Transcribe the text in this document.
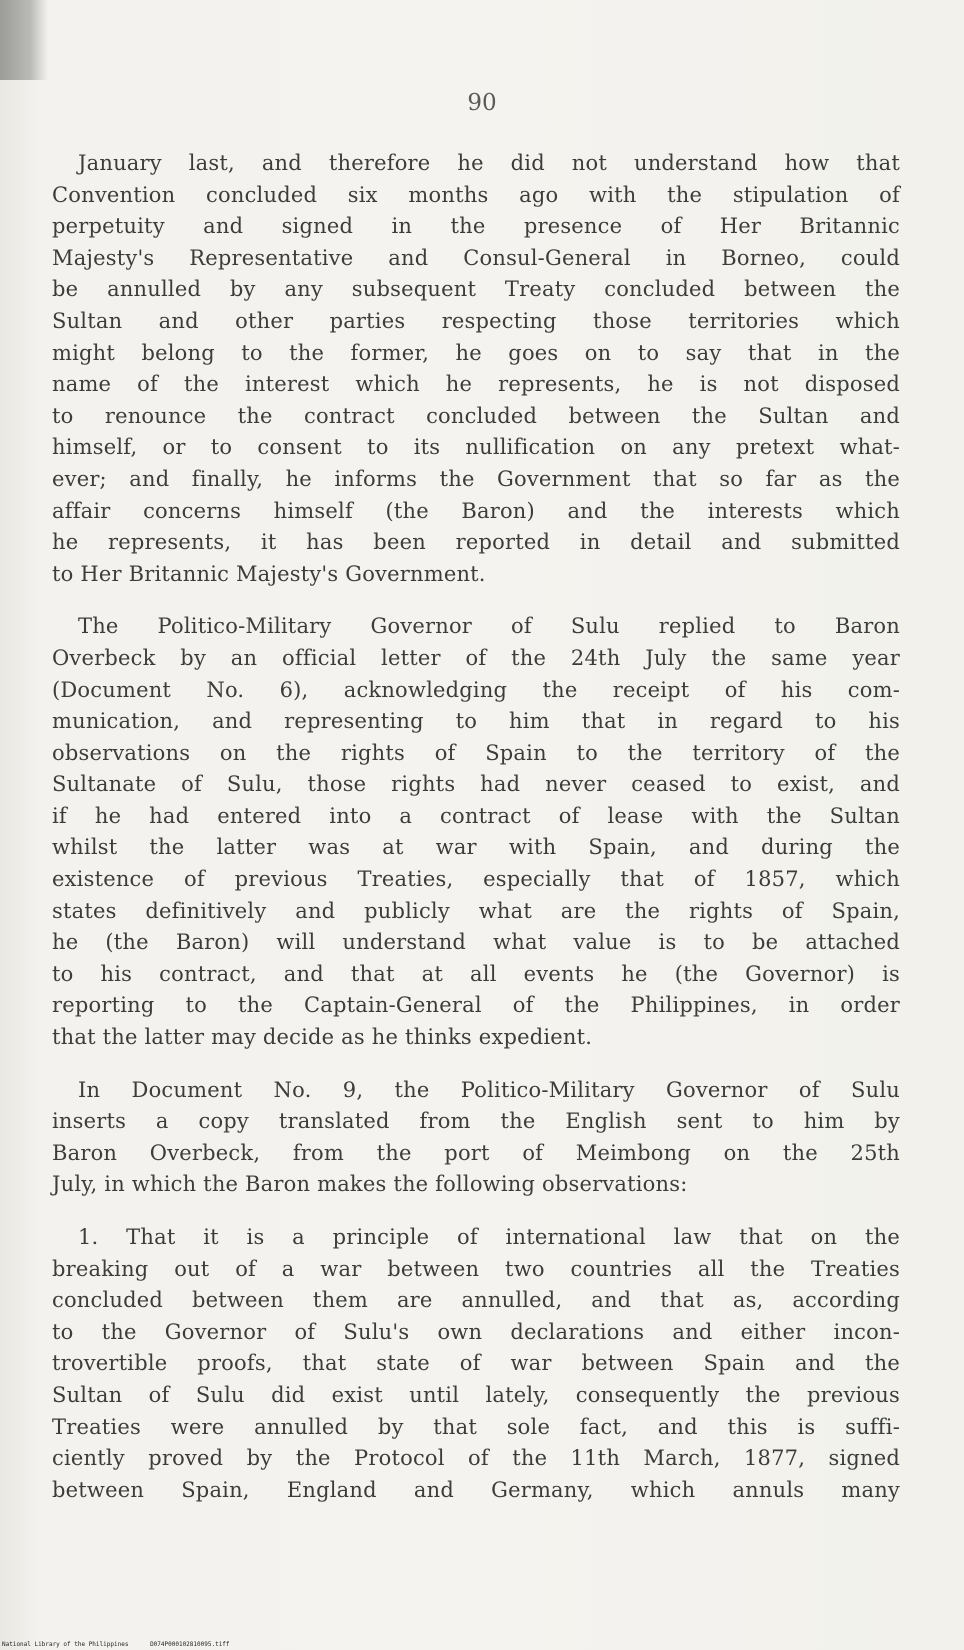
90
January last, and therefore he did not understand how that
Convention concluded six months ago with the stipulation of
perpetuity and signed in the presence of Her Britannic
Majesty's Representative and Consul-General in Borneo, could
be annulled by any subsequent Treaty concluded between the
Sultan and other parties respecting those territories which
might belong to the former, he goes on to say that in the
name of the interest which he represents, he is not disposed
to renounce the contract concluded between the Sultan and
himself, or to consent to its nullification on any pretext what-
ever; and finally, he informs the Government that so far as the
affair concerns himself (the Baron) and the interests which
he represents, it has been reported in detail and submitted
to Her Britannic Majesty's Government.
The Politico-Military Governor of Sulu replied to Baron
Overbeck by an official letter of the 24th July the same year
(Document No. 6), acknowledging the receipt of his com-
munication, and representing to him that in regard to his
observations on the rights of Spain to the territory of the
Sultanate of Sulu, those rights had never ceased to exist, and
if he had entered into a contract of lease with the Sultan
whilst the latter was at war with Spain, and during the
existence of previous Treaties, especially that of 1857, which
states definitively and publicly what are the rights of Spain,
he (the Baron) will understand what value is to be attached
to his contract, and that at all events he (the Governor) is
reporting to the Captain-General of the Philippines, in order
that the latter may decide as he thinks expedient.
In Document No. 9, the Politico-Military Governor of Sulu
inserts a copy translated from the English sent to him by
Baron Overbeck, from the port of Meimbong on the 25th
July, in which the Baron makes the following observations:
1. That it is a principle of international law that on the
breaking out of a war between two countries all the Treaties
concluded between them are annulled, and that as, according
to the Governor of Sulu's own declarations and either incon-
trovertible proofs, that state of war between Spain and the
Sultan of Sulu did exist until lately, consequently the previous
Treaties were annulled by that sole fact, and this is suffi-
ciently proved by the Protocol of the 11th March, 1877, signed
between Spain, England and Germany, which annuls many
National Library of the Philippines	D074P000102810095.tiff
